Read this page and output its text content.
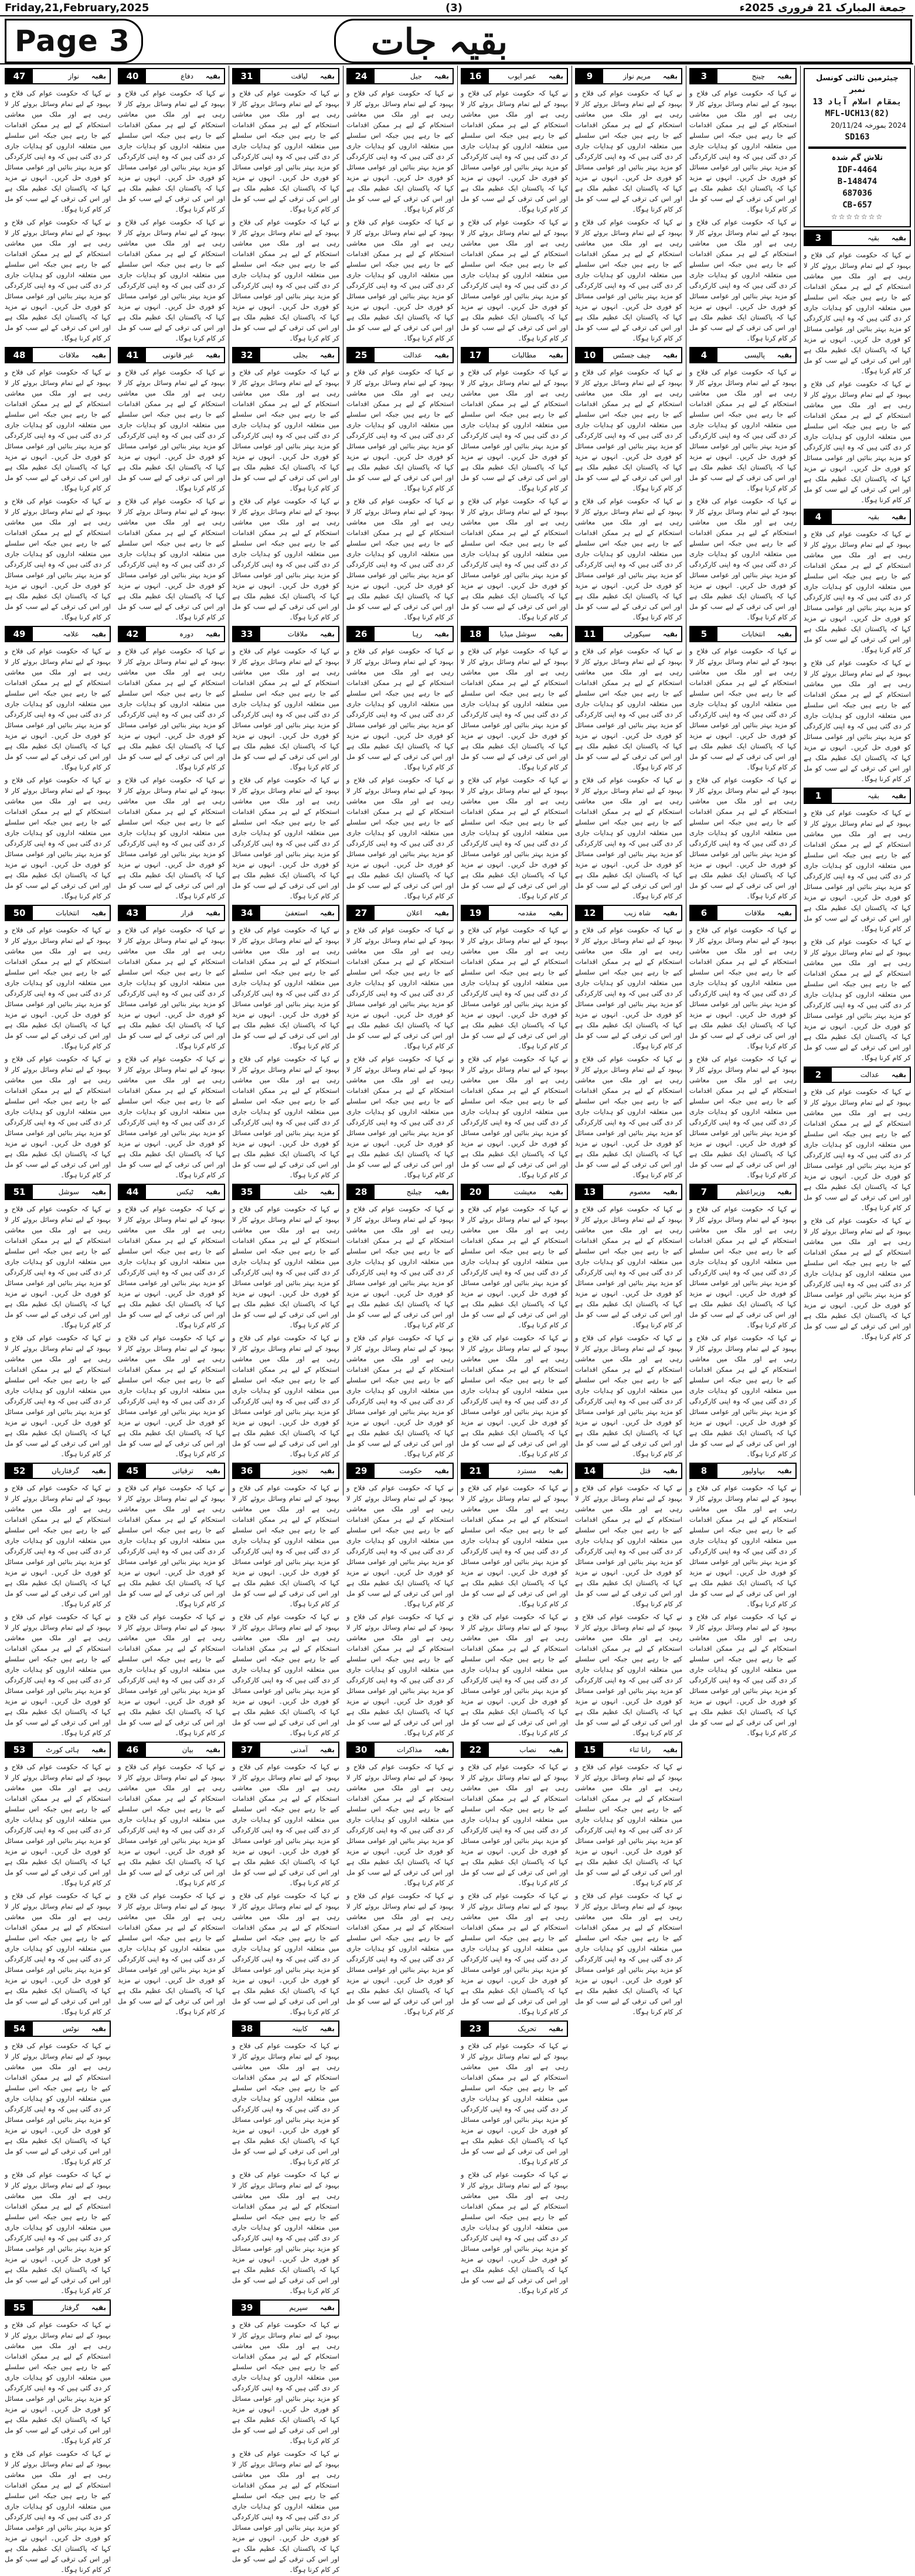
Friday,21,February,2025	(3)	جمعة المبارک 21 فروری 2025ء
Page 3	بقیہ جات
چیئرمین ثالثی کونسل نمبر
13 بمقام اسلام آباد
MFL-UCH13(82)
2024 بمورخہ 20/11/24
SD163
تلاش گم شدہ
IDF-4464
B-148474
687036
CB-657
☆☆☆☆☆☆☆
3	بقیہ بقیہ
نے کہا کہ حکومت عوام کی فلاح و بہبود کے لیے تمام وسائل بروئے کار لا رہی ہے اور ملک میں معاشی استحکام کے لیے ہر ممکن اقدامات کیے جا رہے ہیں جبکہ اس سلسلے میں متعلقہ اداروں کو ہدایات جاری کر دی گئی ہیں کہ وہ اپنی کارکردگی کو مزید بہتر بنائیں اور عوامی مسائل کو فوری حل کریں۔ انہوں نے مزید کہا کہ پاکستان ایک عظیم ملک ہے اور اس کی ترقی کے لیے سب کو مل کر کام کرنا ہوگا۔
نے کہا کہ حکومت عوام کی فلاح و بہبود کے لیے تمام وسائل بروئے کار لا رہی ہے اور ملک میں معاشی استحکام کے لیے ہر ممکن اقدامات کیے جا رہے ہیں جبکہ اس سلسلے میں متعلقہ اداروں کو ہدایات جاری کر دی گئی ہیں کہ وہ اپنی کارکردگی کو مزید بہتر بنائیں اور عوامی مسائل کو فوری حل کریں۔ انہوں نے مزید کہا کہ پاکستان ایک عظیم ملک ہے اور اس کی ترقی کے لیے سب کو مل کر کام کرنا ہوگا۔
4	بقیہ بقیہ
نے کہا کہ حکومت عوام کی فلاح و بہبود کے لیے تمام وسائل بروئے کار لا رہی ہے اور ملک میں معاشی استحکام کے لیے ہر ممکن اقدامات کیے جا رہے ہیں جبکہ اس سلسلے میں متعلقہ اداروں کو ہدایات جاری کر دی گئی ہیں کہ وہ اپنی کارکردگی کو مزید بہتر بنائیں اور عوامی مسائل کو فوری حل کریں۔ انہوں نے مزید کہا کہ پاکستان ایک عظیم ملک ہے اور اس کی ترقی کے لیے سب کو مل کر کام کرنا ہوگا۔
نے کہا کہ حکومت عوام کی فلاح و بہبود کے لیے تمام وسائل بروئے کار لا رہی ہے اور ملک میں معاشی استحکام کے لیے ہر ممکن اقدامات کیے جا رہے ہیں جبکہ اس سلسلے میں متعلقہ اداروں کو ہدایات جاری کر دی گئی ہیں کہ وہ اپنی کارکردگی کو مزید بہتر بنائیں اور عوامی مسائل کو فوری حل کریں۔ انہوں نے مزید کہا کہ پاکستان ایک عظیم ملک ہے اور اس کی ترقی کے لیے سب کو مل کر کام کرنا ہوگا۔
1	بقیہ بقیہ
نے کہا کہ حکومت عوام کی فلاح و بہبود کے لیے تمام وسائل بروئے کار لا رہی ہے اور ملک میں معاشی استحکام کے لیے ہر ممکن اقدامات کیے جا رہے ہیں جبکہ اس سلسلے میں متعلقہ اداروں کو ہدایات جاری کر دی گئی ہیں کہ وہ اپنی کارکردگی کو مزید بہتر بنائیں اور عوامی مسائل کو فوری حل کریں۔ انہوں نے مزید کہا کہ پاکستان ایک عظیم ملک ہے اور اس کی ترقی کے لیے سب کو مل کر کام کرنا ہوگا۔
نے کہا کہ حکومت عوام کی فلاح و بہبود کے لیے تمام وسائل بروئے کار لا رہی ہے اور ملک میں معاشی استحکام کے لیے ہر ممکن اقدامات کیے جا رہے ہیں جبکہ اس سلسلے میں متعلقہ اداروں کو ہدایات جاری کر دی گئی ہیں کہ وہ اپنی کارکردگی کو مزید بہتر بنائیں اور عوامی مسائل کو فوری حل کریں۔ انہوں نے مزید کہا کہ پاکستان ایک عظیم ملک ہے اور اس کی ترقی کے لیے سب کو مل کر کام کرنا ہوگا۔
2	عدالت بقیہ
نے کہا کہ حکومت عوام کی فلاح و بہبود کے لیے تمام وسائل بروئے کار لا رہی ہے اور ملک میں معاشی استحکام کے لیے ہر ممکن اقدامات کیے جا رہے ہیں جبکہ اس سلسلے میں متعلقہ اداروں کو ہدایات جاری کر دی گئی ہیں کہ وہ اپنی کارکردگی کو مزید بہتر بنائیں اور عوامی مسائل کو فوری حل کریں۔ انہوں نے مزید کہا کہ پاکستان ایک عظیم ملک ہے اور اس کی ترقی کے لیے سب کو مل کر کام کرنا ہوگا۔
نے کہا کہ حکومت عوام کی فلاح و بہبود کے لیے تمام وسائل بروئے کار لا رہی ہے اور ملک میں معاشی استحکام کے لیے ہر ممکن اقدامات کیے جا رہے ہیں جبکہ اس سلسلے میں متعلقہ اداروں کو ہدایات جاری کر دی گئی ہیں کہ وہ اپنی کارکردگی کو مزید بہتر بنائیں اور عوامی مسائل کو فوری حل کریں۔ انہوں نے مزید کہا کہ پاکستان ایک عظیم ملک ہے اور اس کی ترقی کے لیے سب کو مل کر کام کرنا ہوگا۔
3	چینج بقیہ
نے کہا کہ حکومت عوام کی فلاح و بہبود کے لیے تمام وسائل بروئے کار لا رہی ہے اور ملک میں معاشی استحکام کے لیے ہر ممکن اقدامات کیے جا رہے ہیں جبکہ اس سلسلے میں متعلقہ اداروں کو ہدایات جاری کر دی گئی ہیں کہ وہ اپنی کارکردگی کو مزید بہتر بنائیں اور عوامی مسائل کو فوری حل کریں۔ انہوں نے مزید کہا کہ پاکستان ایک عظیم ملک ہے اور اس کی ترقی کے لیے سب کو مل کر کام کرنا ہوگا۔
نے کہا کہ حکومت عوام کی فلاح و بہبود کے لیے تمام وسائل بروئے کار لا رہی ہے اور ملک میں معاشی استحکام کے لیے ہر ممکن اقدامات کیے جا رہے ہیں جبکہ اس سلسلے میں متعلقہ اداروں کو ہدایات جاری کر دی گئی ہیں کہ وہ اپنی کارکردگی کو مزید بہتر بنائیں اور عوامی مسائل کو فوری حل کریں۔ انہوں نے مزید کہا کہ پاکستان ایک عظیم ملک ہے اور اس کی ترقی کے لیے سب کو مل کر کام کرنا ہوگا۔
4	پالیسی بقیہ
نے کہا کہ حکومت عوام کی فلاح و بہبود کے لیے تمام وسائل بروئے کار لا رہی ہے اور ملک میں معاشی استحکام کے لیے ہر ممکن اقدامات کیے جا رہے ہیں جبکہ اس سلسلے میں متعلقہ اداروں کو ہدایات جاری کر دی گئی ہیں کہ وہ اپنی کارکردگی کو مزید بہتر بنائیں اور عوامی مسائل کو فوری حل کریں۔ انہوں نے مزید کہا کہ پاکستان ایک عظیم ملک ہے اور اس کی ترقی کے لیے سب کو مل کر کام کرنا ہوگا۔
نے کہا کہ حکومت عوام کی فلاح و بہبود کے لیے تمام وسائل بروئے کار لا رہی ہے اور ملک میں معاشی استحکام کے لیے ہر ممکن اقدامات کیے جا رہے ہیں جبکہ اس سلسلے میں متعلقہ اداروں کو ہدایات جاری کر دی گئی ہیں کہ وہ اپنی کارکردگی کو مزید بہتر بنائیں اور عوامی مسائل کو فوری حل کریں۔ انہوں نے مزید کہا کہ پاکستان ایک عظیم ملک ہے اور اس کی ترقی کے لیے سب کو مل کر کام کرنا ہوگا۔
5	انتخابات بقیہ
نے کہا کہ حکومت عوام کی فلاح و بہبود کے لیے تمام وسائل بروئے کار لا رہی ہے اور ملک میں معاشی استحکام کے لیے ہر ممکن اقدامات کیے جا رہے ہیں جبکہ اس سلسلے میں متعلقہ اداروں کو ہدایات جاری کر دی گئی ہیں کہ وہ اپنی کارکردگی کو مزید بہتر بنائیں اور عوامی مسائل کو فوری حل کریں۔ انہوں نے مزید کہا کہ پاکستان ایک عظیم ملک ہے اور اس کی ترقی کے لیے سب کو مل کر کام کرنا ہوگا۔
نے کہا کہ حکومت عوام کی فلاح و بہبود کے لیے تمام وسائل بروئے کار لا رہی ہے اور ملک میں معاشی استحکام کے لیے ہر ممکن اقدامات کیے جا رہے ہیں جبکہ اس سلسلے میں متعلقہ اداروں کو ہدایات جاری کر دی گئی ہیں کہ وہ اپنی کارکردگی کو مزید بہتر بنائیں اور عوامی مسائل کو فوری حل کریں۔ انہوں نے مزید کہا کہ پاکستان ایک عظیم ملک ہے اور اس کی ترقی کے لیے سب کو مل کر کام کرنا ہوگا۔
6	ملاقات بقیہ
نے کہا کہ حکومت عوام کی فلاح و بہبود کے لیے تمام وسائل بروئے کار لا رہی ہے اور ملک میں معاشی استحکام کے لیے ہر ممکن اقدامات کیے جا رہے ہیں جبکہ اس سلسلے میں متعلقہ اداروں کو ہدایات جاری کر دی گئی ہیں کہ وہ اپنی کارکردگی کو مزید بہتر بنائیں اور عوامی مسائل کو فوری حل کریں۔ انہوں نے مزید کہا کہ پاکستان ایک عظیم ملک ہے اور اس کی ترقی کے لیے سب کو مل کر کام کرنا ہوگا۔
نے کہا کہ حکومت عوام کی فلاح و بہبود کے لیے تمام وسائل بروئے کار لا رہی ہے اور ملک میں معاشی استحکام کے لیے ہر ممکن اقدامات کیے جا رہے ہیں جبکہ اس سلسلے میں متعلقہ اداروں کو ہدایات جاری کر دی گئی ہیں کہ وہ اپنی کارکردگی کو مزید بہتر بنائیں اور عوامی مسائل کو فوری حل کریں۔ انہوں نے مزید کہا کہ پاکستان ایک عظیم ملک ہے اور اس کی ترقی کے لیے سب کو مل کر کام کرنا ہوگا۔
7	وزیراعظم بقیہ
نے کہا کہ حکومت عوام کی فلاح و بہبود کے لیے تمام وسائل بروئے کار لا رہی ہے اور ملک میں معاشی استحکام کے لیے ہر ممکن اقدامات کیے جا رہے ہیں جبکہ اس سلسلے میں متعلقہ اداروں کو ہدایات جاری کر دی گئی ہیں کہ وہ اپنی کارکردگی کو مزید بہتر بنائیں اور عوامی مسائل کو فوری حل کریں۔ انہوں نے مزید کہا کہ پاکستان ایک عظیم ملک ہے اور اس کی ترقی کے لیے سب کو مل کر کام کرنا ہوگا۔
نے کہا کہ حکومت عوام کی فلاح و بہبود کے لیے تمام وسائل بروئے کار لا رہی ہے اور ملک میں معاشی استحکام کے لیے ہر ممکن اقدامات کیے جا رہے ہیں جبکہ اس سلسلے میں متعلقہ اداروں کو ہدایات جاری کر دی گئی ہیں کہ وہ اپنی کارکردگی کو مزید بہتر بنائیں اور عوامی مسائل کو فوری حل کریں۔ انہوں نے مزید کہا کہ پاکستان ایک عظیم ملک ہے اور اس کی ترقی کے لیے سب کو مل کر کام کرنا ہوگا۔
8	بہاولپور بقیہ
نے کہا کہ حکومت عوام کی فلاح و بہبود کے لیے تمام وسائل بروئے کار لا رہی ہے اور ملک میں معاشی استحکام کے لیے ہر ممکن اقدامات کیے جا رہے ہیں جبکہ اس سلسلے میں متعلقہ اداروں کو ہدایات جاری کر دی گئی ہیں کہ وہ اپنی کارکردگی کو مزید بہتر بنائیں اور عوامی مسائل کو فوری حل کریں۔ انہوں نے مزید کہا کہ پاکستان ایک عظیم ملک ہے اور اس کی ترقی کے لیے سب کو مل کر کام کرنا ہوگا۔
نے کہا کہ حکومت عوام کی فلاح و بہبود کے لیے تمام وسائل بروئے کار لا رہی ہے اور ملک میں معاشی استحکام کے لیے ہر ممکن اقدامات کیے جا رہے ہیں جبکہ اس سلسلے میں متعلقہ اداروں کو ہدایات جاری کر دی گئی ہیں کہ وہ اپنی کارکردگی کو مزید بہتر بنائیں اور عوامی مسائل کو فوری حل کریں۔ انہوں نے مزید کہا کہ پاکستان ایک عظیم ملک ہے اور اس کی ترقی کے لیے سب کو مل کر کام کرنا ہوگا۔
9	مریم نواز بقیہ
نے کہا کہ حکومت عوام کی فلاح و بہبود کے لیے تمام وسائل بروئے کار لا رہی ہے اور ملک میں معاشی استحکام کے لیے ہر ممکن اقدامات کیے جا رہے ہیں جبکہ اس سلسلے میں متعلقہ اداروں کو ہدایات جاری کر دی گئی ہیں کہ وہ اپنی کارکردگی کو مزید بہتر بنائیں اور عوامی مسائل کو فوری حل کریں۔ انہوں نے مزید کہا کہ پاکستان ایک عظیم ملک ہے اور اس کی ترقی کے لیے سب کو مل کر کام کرنا ہوگا۔
نے کہا کہ حکومت عوام کی فلاح و بہبود کے لیے تمام وسائل بروئے کار لا رہی ہے اور ملک میں معاشی استحکام کے لیے ہر ممکن اقدامات کیے جا رہے ہیں جبکہ اس سلسلے میں متعلقہ اداروں کو ہدایات جاری کر دی گئی ہیں کہ وہ اپنی کارکردگی کو مزید بہتر بنائیں اور عوامی مسائل کو فوری حل کریں۔ انہوں نے مزید کہا کہ پاکستان ایک عظیم ملک ہے اور اس کی ترقی کے لیے سب کو مل کر کام کرنا ہوگا۔
10	چیف جسٹس بقیہ
نے کہا کہ حکومت عوام کی فلاح و بہبود کے لیے تمام وسائل بروئے کار لا رہی ہے اور ملک میں معاشی استحکام کے لیے ہر ممکن اقدامات کیے جا رہے ہیں جبکہ اس سلسلے میں متعلقہ اداروں کو ہدایات جاری کر دی گئی ہیں کہ وہ اپنی کارکردگی کو مزید بہتر بنائیں اور عوامی مسائل کو فوری حل کریں۔ انہوں نے مزید کہا کہ پاکستان ایک عظیم ملک ہے اور اس کی ترقی کے لیے سب کو مل کر کام کرنا ہوگا۔
نے کہا کہ حکومت عوام کی فلاح و بہبود کے لیے تمام وسائل بروئے کار لا رہی ہے اور ملک میں معاشی استحکام کے لیے ہر ممکن اقدامات کیے جا رہے ہیں جبکہ اس سلسلے میں متعلقہ اداروں کو ہدایات جاری کر دی گئی ہیں کہ وہ اپنی کارکردگی کو مزید بہتر بنائیں اور عوامی مسائل کو فوری حل کریں۔ انہوں نے مزید کہا کہ پاکستان ایک عظیم ملک ہے اور اس کی ترقی کے لیے سب کو مل کر کام کرنا ہوگا۔
11	سیکورٹی بقیہ
نے کہا کہ حکومت عوام کی فلاح و بہبود کے لیے تمام وسائل بروئے کار لا رہی ہے اور ملک میں معاشی استحکام کے لیے ہر ممکن اقدامات کیے جا رہے ہیں جبکہ اس سلسلے میں متعلقہ اداروں کو ہدایات جاری کر دی گئی ہیں کہ وہ اپنی کارکردگی کو مزید بہتر بنائیں اور عوامی مسائل کو فوری حل کریں۔ انہوں نے مزید کہا کہ پاکستان ایک عظیم ملک ہے اور اس کی ترقی کے لیے سب کو مل کر کام کرنا ہوگا۔
نے کہا کہ حکومت عوام کی فلاح و بہبود کے لیے تمام وسائل بروئے کار لا رہی ہے اور ملک میں معاشی استحکام کے لیے ہر ممکن اقدامات کیے جا رہے ہیں جبکہ اس سلسلے میں متعلقہ اداروں کو ہدایات جاری کر دی گئی ہیں کہ وہ اپنی کارکردگی کو مزید بہتر بنائیں اور عوامی مسائل کو فوری حل کریں۔ انہوں نے مزید کہا کہ پاکستان ایک عظیم ملک ہے اور اس کی ترقی کے لیے سب کو مل کر کام کرنا ہوگا۔
12	شاہ زیب بقیہ
نے کہا کہ حکومت عوام کی فلاح و بہبود کے لیے تمام وسائل بروئے کار لا رہی ہے اور ملک میں معاشی استحکام کے لیے ہر ممکن اقدامات کیے جا رہے ہیں جبکہ اس سلسلے میں متعلقہ اداروں کو ہدایات جاری کر دی گئی ہیں کہ وہ اپنی کارکردگی کو مزید بہتر بنائیں اور عوامی مسائل کو فوری حل کریں۔ انہوں نے مزید کہا کہ پاکستان ایک عظیم ملک ہے اور اس کی ترقی کے لیے سب کو مل کر کام کرنا ہوگا۔
نے کہا کہ حکومت عوام کی فلاح و بہبود کے لیے تمام وسائل بروئے کار لا رہی ہے اور ملک میں معاشی استحکام کے لیے ہر ممکن اقدامات کیے جا رہے ہیں جبکہ اس سلسلے میں متعلقہ اداروں کو ہدایات جاری کر دی گئی ہیں کہ وہ اپنی کارکردگی کو مزید بہتر بنائیں اور عوامی مسائل کو فوری حل کریں۔ انہوں نے مزید کہا کہ پاکستان ایک عظیم ملک ہے اور اس کی ترقی کے لیے سب کو مل کر کام کرنا ہوگا۔
13	معصوم بقیہ
نے کہا کہ حکومت عوام کی فلاح و بہبود کے لیے تمام وسائل بروئے کار لا رہی ہے اور ملک میں معاشی استحکام کے لیے ہر ممکن اقدامات کیے جا رہے ہیں جبکہ اس سلسلے میں متعلقہ اداروں کو ہدایات جاری کر دی گئی ہیں کہ وہ اپنی کارکردگی کو مزید بہتر بنائیں اور عوامی مسائل کو فوری حل کریں۔ انہوں نے مزید کہا کہ پاکستان ایک عظیم ملک ہے اور اس کی ترقی کے لیے سب کو مل کر کام کرنا ہوگا۔
نے کہا کہ حکومت عوام کی فلاح و بہبود کے لیے تمام وسائل بروئے کار لا رہی ہے اور ملک میں معاشی استحکام کے لیے ہر ممکن اقدامات کیے جا رہے ہیں جبکہ اس سلسلے میں متعلقہ اداروں کو ہدایات جاری کر دی گئی ہیں کہ وہ اپنی کارکردگی کو مزید بہتر بنائیں اور عوامی مسائل کو فوری حل کریں۔ انہوں نے مزید کہا کہ پاکستان ایک عظیم ملک ہے اور اس کی ترقی کے لیے سب کو مل کر کام کرنا ہوگا۔
14	قتل بقیہ
نے کہا کہ حکومت عوام کی فلاح و بہبود کے لیے تمام وسائل بروئے کار لا رہی ہے اور ملک میں معاشی استحکام کے لیے ہر ممکن اقدامات کیے جا رہے ہیں جبکہ اس سلسلے میں متعلقہ اداروں کو ہدایات جاری کر دی گئی ہیں کہ وہ اپنی کارکردگی کو مزید بہتر بنائیں اور عوامی مسائل کو فوری حل کریں۔ انہوں نے مزید کہا کہ پاکستان ایک عظیم ملک ہے اور اس کی ترقی کے لیے سب کو مل کر کام کرنا ہوگا۔
نے کہا کہ حکومت عوام کی فلاح و بہبود کے لیے تمام وسائل بروئے کار لا رہی ہے اور ملک میں معاشی استحکام کے لیے ہر ممکن اقدامات کیے جا رہے ہیں جبکہ اس سلسلے میں متعلقہ اداروں کو ہدایات جاری کر دی گئی ہیں کہ وہ اپنی کارکردگی کو مزید بہتر بنائیں اور عوامی مسائل کو فوری حل کریں۔ انہوں نے مزید کہا کہ پاکستان ایک عظیم ملک ہے اور اس کی ترقی کے لیے سب کو مل کر کام کرنا ہوگا۔
15	رانا ثناء بقیہ
نے کہا کہ حکومت عوام کی فلاح و بہبود کے لیے تمام وسائل بروئے کار لا رہی ہے اور ملک میں معاشی استحکام کے لیے ہر ممکن اقدامات کیے جا رہے ہیں جبکہ اس سلسلے میں متعلقہ اداروں کو ہدایات جاری کر دی گئی ہیں کہ وہ اپنی کارکردگی کو مزید بہتر بنائیں اور عوامی مسائل کو فوری حل کریں۔ انہوں نے مزید کہا کہ پاکستان ایک عظیم ملک ہے اور اس کی ترقی کے لیے سب کو مل کر کام کرنا ہوگا۔
نے کہا کہ حکومت عوام کی فلاح و بہبود کے لیے تمام وسائل بروئے کار لا رہی ہے اور ملک میں معاشی استحکام کے لیے ہر ممکن اقدامات کیے جا رہے ہیں جبکہ اس سلسلے میں متعلقہ اداروں کو ہدایات جاری کر دی گئی ہیں کہ وہ اپنی کارکردگی کو مزید بہتر بنائیں اور عوامی مسائل کو فوری حل کریں۔ انہوں نے مزید کہا کہ پاکستان ایک عظیم ملک ہے اور اس کی ترقی کے لیے سب کو مل کر کام کرنا ہوگا۔
16	عمر ایوب بقیہ
نے کہا کہ حکومت عوام کی فلاح و بہبود کے لیے تمام وسائل بروئے کار لا رہی ہے اور ملک میں معاشی استحکام کے لیے ہر ممکن اقدامات کیے جا رہے ہیں جبکہ اس سلسلے میں متعلقہ اداروں کو ہدایات جاری کر دی گئی ہیں کہ وہ اپنی کارکردگی کو مزید بہتر بنائیں اور عوامی مسائل کو فوری حل کریں۔ انہوں نے مزید کہا کہ پاکستان ایک عظیم ملک ہے اور اس کی ترقی کے لیے سب کو مل کر کام کرنا ہوگا۔
نے کہا کہ حکومت عوام کی فلاح و بہبود کے لیے تمام وسائل بروئے کار لا رہی ہے اور ملک میں معاشی استحکام کے لیے ہر ممکن اقدامات کیے جا رہے ہیں جبکہ اس سلسلے میں متعلقہ اداروں کو ہدایات جاری کر دی گئی ہیں کہ وہ اپنی کارکردگی کو مزید بہتر بنائیں اور عوامی مسائل کو فوری حل کریں۔ انہوں نے مزید کہا کہ پاکستان ایک عظیم ملک ہے اور اس کی ترقی کے لیے سب کو مل کر کام کرنا ہوگا۔
17	مطالبات بقیہ
نے کہا کہ حکومت عوام کی فلاح و بہبود کے لیے تمام وسائل بروئے کار لا رہی ہے اور ملک میں معاشی استحکام کے لیے ہر ممکن اقدامات کیے جا رہے ہیں جبکہ اس سلسلے میں متعلقہ اداروں کو ہدایات جاری کر دی گئی ہیں کہ وہ اپنی کارکردگی کو مزید بہتر بنائیں اور عوامی مسائل کو فوری حل کریں۔ انہوں نے مزید کہا کہ پاکستان ایک عظیم ملک ہے اور اس کی ترقی کے لیے سب کو مل کر کام کرنا ہوگا۔
نے کہا کہ حکومت عوام کی فلاح و بہبود کے لیے تمام وسائل بروئے کار لا رہی ہے اور ملک میں معاشی استحکام کے لیے ہر ممکن اقدامات کیے جا رہے ہیں جبکہ اس سلسلے میں متعلقہ اداروں کو ہدایات جاری کر دی گئی ہیں کہ وہ اپنی کارکردگی کو مزید بہتر بنائیں اور عوامی مسائل کو فوری حل کریں۔ انہوں نے مزید کہا کہ پاکستان ایک عظیم ملک ہے اور اس کی ترقی کے لیے سب کو مل کر کام کرنا ہوگا۔
18	سوشل میڈیا بقیہ
نے کہا کہ حکومت عوام کی فلاح و بہبود کے لیے تمام وسائل بروئے کار لا رہی ہے اور ملک میں معاشی استحکام کے لیے ہر ممکن اقدامات کیے جا رہے ہیں جبکہ اس سلسلے میں متعلقہ اداروں کو ہدایات جاری کر دی گئی ہیں کہ وہ اپنی کارکردگی کو مزید بہتر بنائیں اور عوامی مسائل کو فوری حل کریں۔ انہوں نے مزید کہا کہ پاکستان ایک عظیم ملک ہے اور اس کی ترقی کے لیے سب کو مل کر کام کرنا ہوگا۔
نے کہا کہ حکومت عوام کی فلاح و بہبود کے لیے تمام وسائل بروئے کار لا رہی ہے اور ملک میں معاشی استحکام کے لیے ہر ممکن اقدامات کیے جا رہے ہیں جبکہ اس سلسلے میں متعلقہ اداروں کو ہدایات جاری کر دی گئی ہیں کہ وہ اپنی کارکردگی کو مزید بہتر بنائیں اور عوامی مسائل کو فوری حل کریں۔ انہوں نے مزید کہا کہ پاکستان ایک عظیم ملک ہے اور اس کی ترقی کے لیے سب کو مل کر کام کرنا ہوگا۔
19	مقدمہ بقیہ
نے کہا کہ حکومت عوام کی فلاح و بہبود کے لیے تمام وسائل بروئے کار لا رہی ہے اور ملک میں معاشی استحکام کے لیے ہر ممکن اقدامات کیے جا رہے ہیں جبکہ اس سلسلے میں متعلقہ اداروں کو ہدایات جاری کر دی گئی ہیں کہ وہ اپنی کارکردگی کو مزید بہتر بنائیں اور عوامی مسائل کو فوری حل کریں۔ انہوں نے مزید کہا کہ پاکستان ایک عظیم ملک ہے اور اس کی ترقی کے لیے سب کو مل کر کام کرنا ہوگا۔
نے کہا کہ حکومت عوام کی فلاح و بہبود کے لیے تمام وسائل بروئے کار لا رہی ہے اور ملک میں معاشی استحکام کے لیے ہر ممکن اقدامات کیے جا رہے ہیں جبکہ اس سلسلے میں متعلقہ اداروں کو ہدایات جاری کر دی گئی ہیں کہ وہ اپنی کارکردگی کو مزید بہتر بنائیں اور عوامی مسائل کو فوری حل کریں۔ انہوں نے مزید کہا کہ پاکستان ایک عظیم ملک ہے اور اس کی ترقی کے لیے سب کو مل کر کام کرنا ہوگا۔
20	معیشت بقیہ
نے کہا کہ حکومت عوام کی فلاح و بہبود کے لیے تمام وسائل بروئے کار لا رہی ہے اور ملک میں معاشی استحکام کے لیے ہر ممکن اقدامات کیے جا رہے ہیں جبکہ اس سلسلے میں متعلقہ اداروں کو ہدایات جاری کر دی گئی ہیں کہ وہ اپنی کارکردگی کو مزید بہتر بنائیں اور عوامی مسائل کو فوری حل کریں۔ انہوں نے مزید کہا کہ پاکستان ایک عظیم ملک ہے اور اس کی ترقی کے لیے سب کو مل کر کام کرنا ہوگا۔
نے کہا کہ حکومت عوام کی فلاح و بہبود کے لیے تمام وسائل بروئے کار لا رہی ہے اور ملک میں معاشی استحکام کے لیے ہر ممکن اقدامات کیے جا رہے ہیں جبکہ اس سلسلے میں متعلقہ اداروں کو ہدایات جاری کر دی گئی ہیں کہ وہ اپنی کارکردگی کو مزید بہتر بنائیں اور عوامی مسائل کو فوری حل کریں۔ انہوں نے مزید کہا کہ پاکستان ایک عظیم ملک ہے اور اس کی ترقی کے لیے سب کو مل کر کام کرنا ہوگا۔
21	مسترد بقیہ
نے کہا کہ حکومت عوام کی فلاح و بہبود کے لیے تمام وسائل بروئے کار لا رہی ہے اور ملک میں معاشی استحکام کے لیے ہر ممکن اقدامات کیے جا رہے ہیں جبکہ اس سلسلے میں متعلقہ اداروں کو ہدایات جاری کر دی گئی ہیں کہ وہ اپنی کارکردگی کو مزید بہتر بنائیں اور عوامی مسائل کو فوری حل کریں۔ انہوں نے مزید کہا کہ پاکستان ایک عظیم ملک ہے اور اس کی ترقی کے لیے سب کو مل کر کام کرنا ہوگا۔
نے کہا کہ حکومت عوام کی فلاح و بہبود کے لیے تمام وسائل بروئے کار لا رہی ہے اور ملک میں معاشی استحکام کے لیے ہر ممکن اقدامات کیے جا رہے ہیں جبکہ اس سلسلے میں متعلقہ اداروں کو ہدایات جاری کر دی گئی ہیں کہ وہ اپنی کارکردگی کو مزید بہتر بنائیں اور عوامی مسائل کو فوری حل کریں۔ انہوں نے مزید کہا کہ پاکستان ایک عظیم ملک ہے اور اس کی ترقی کے لیے سب کو مل کر کام کرنا ہوگا۔
22	نصاب بقیہ
نے کہا کہ حکومت عوام کی فلاح و بہبود کے لیے تمام وسائل بروئے کار لا رہی ہے اور ملک میں معاشی استحکام کے لیے ہر ممکن اقدامات کیے جا رہے ہیں جبکہ اس سلسلے میں متعلقہ اداروں کو ہدایات جاری کر دی گئی ہیں کہ وہ اپنی کارکردگی کو مزید بہتر بنائیں اور عوامی مسائل کو فوری حل کریں۔ انہوں نے مزید کہا کہ پاکستان ایک عظیم ملک ہے اور اس کی ترقی کے لیے سب کو مل کر کام کرنا ہوگا۔
نے کہا کہ حکومت عوام کی فلاح و بہبود کے لیے تمام وسائل بروئے کار لا رہی ہے اور ملک میں معاشی استحکام کے لیے ہر ممکن اقدامات کیے جا رہے ہیں جبکہ اس سلسلے میں متعلقہ اداروں کو ہدایات جاری کر دی گئی ہیں کہ وہ اپنی کارکردگی کو مزید بہتر بنائیں اور عوامی مسائل کو فوری حل کریں۔ انہوں نے مزید کہا کہ پاکستان ایک عظیم ملک ہے اور اس کی ترقی کے لیے سب کو مل کر کام کرنا ہوگا۔
23	تحریک بقیہ
نے کہا کہ حکومت عوام کی فلاح و بہبود کے لیے تمام وسائل بروئے کار لا رہی ہے اور ملک میں معاشی استحکام کے لیے ہر ممکن اقدامات کیے جا رہے ہیں جبکہ اس سلسلے میں متعلقہ اداروں کو ہدایات جاری کر دی گئی ہیں کہ وہ اپنی کارکردگی کو مزید بہتر بنائیں اور عوامی مسائل کو فوری حل کریں۔ انہوں نے مزید کہا کہ پاکستان ایک عظیم ملک ہے اور اس کی ترقی کے لیے سب کو مل کر کام کرنا ہوگا۔
نے کہا کہ حکومت عوام کی فلاح و بہبود کے لیے تمام وسائل بروئے کار لا رہی ہے اور ملک میں معاشی استحکام کے لیے ہر ممکن اقدامات کیے جا رہے ہیں جبکہ اس سلسلے میں متعلقہ اداروں کو ہدایات جاری کر دی گئی ہیں کہ وہ اپنی کارکردگی کو مزید بہتر بنائیں اور عوامی مسائل کو فوری حل کریں۔ انہوں نے مزید کہا کہ پاکستان ایک عظیم ملک ہے اور اس کی ترقی کے لیے سب کو مل کر کام کرنا ہوگا۔
24	جیل بقیہ
نے کہا کہ حکومت عوام کی فلاح و بہبود کے لیے تمام وسائل بروئے کار لا رہی ہے اور ملک میں معاشی استحکام کے لیے ہر ممکن اقدامات کیے جا رہے ہیں جبکہ اس سلسلے میں متعلقہ اداروں کو ہدایات جاری کر دی گئی ہیں کہ وہ اپنی کارکردگی کو مزید بہتر بنائیں اور عوامی مسائل کو فوری حل کریں۔ انہوں نے مزید کہا کہ پاکستان ایک عظیم ملک ہے اور اس کی ترقی کے لیے سب کو مل کر کام کرنا ہوگا۔
نے کہا کہ حکومت عوام کی فلاح و بہبود کے لیے تمام وسائل بروئے کار لا رہی ہے اور ملک میں معاشی استحکام کے لیے ہر ممکن اقدامات کیے جا رہے ہیں جبکہ اس سلسلے میں متعلقہ اداروں کو ہدایات جاری کر دی گئی ہیں کہ وہ اپنی کارکردگی کو مزید بہتر بنائیں اور عوامی مسائل کو فوری حل کریں۔ انہوں نے مزید کہا کہ پاکستان ایک عظیم ملک ہے اور اس کی ترقی کے لیے سب کو مل کر کام کرنا ہوگا۔
25	عدالت بقیہ
نے کہا کہ حکومت عوام کی فلاح و بہبود کے لیے تمام وسائل بروئے کار لا رہی ہے اور ملک میں معاشی استحکام کے لیے ہر ممکن اقدامات کیے جا رہے ہیں جبکہ اس سلسلے میں متعلقہ اداروں کو ہدایات جاری کر دی گئی ہیں کہ وہ اپنی کارکردگی کو مزید بہتر بنائیں اور عوامی مسائل کو فوری حل کریں۔ انہوں نے مزید کہا کہ پاکستان ایک عظیم ملک ہے اور اس کی ترقی کے لیے سب کو مل کر کام کرنا ہوگا۔
نے کہا کہ حکومت عوام کی فلاح و بہبود کے لیے تمام وسائل بروئے کار لا رہی ہے اور ملک میں معاشی استحکام کے لیے ہر ممکن اقدامات کیے جا رہے ہیں جبکہ اس سلسلے میں متعلقہ اداروں کو ہدایات جاری کر دی گئی ہیں کہ وہ اپنی کارکردگی کو مزید بہتر بنائیں اور عوامی مسائل کو فوری حل کریں۔ انہوں نے مزید کہا کہ پاکستان ایک عظیم ملک ہے اور اس کی ترقی کے لیے سب کو مل کر کام کرنا ہوگا۔
26	رہا بقیہ
نے کہا کہ حکومت عوام کی فلاح و بہبود کے لیے تمام وسائل بروئے کار لا رہی ہے اور ملک میں معاشی استحکام کے لیے ہر ممکن اقدامات کیے جا رہے ہیں جبکہ اس سلسلے میں متعلقہ اداروں کو ہدایات جاری کر دی گئی ہیں کہ وہ اپنی کارکردگی کو مزید بہتر بنائیں اور عوامی مسائل کو فوری حل کریں۔ انہوں نے مزید کہا کہ پاکستان ایک عظیم ملک ہے اور اس کی ترقی کے لیے سب کو مل کر کام کرنا ہوگا۔
نے کہا کہ حکومت عوام کی فلاح و بہبود کے لیے تمام وسائل بروئے کار لا رہی ہے اور ملک میں معاشی استحکام کے لیے ہر ممکن اقدامات کیے جا رہے ہیں جبکہ اس سلسلے میں متعلقہ اداروں کو ہدایات جاری کر دی گئی ہیں کہ وہ اپنی کارکردگی کو مزید بہتر بنائیں اور عوامی مسائل کو فوری حل کریں۔ انہوں نے مزید کہا کہ پاکستان ایک عظیم ملک ہے اور اس کی ترقی کے لیے سب کو مل کر کام کرنا ہوگا۔
27	اعلان بقیہ
نے کہا کہ حکومت عوام کی فلاح و بہبود کے لیے تمام وسائل بروئے کار لا رہی ہے اور ملک میں معاشی استحکام کے لیے ہر ممکن اقدامات کیے جا رہے ہیں جبکہ اس سلسلے میں متعلقہ اداروں کو ہدایات جاری کر دی گئی ہیں کہ وہ اپنی کارکردگی کو مزید بہتر بنائیں اور عوامی مسائل کو فوری حل کریں۔ انہوں نے مزید کہا کہ پاکستان ایک عظیم ملک ہے اور اس کی ترقی کے لیے سب کو مل کر کام کرنا ہوگا۔
نے کہا کہ حکومت عوام کی فلاح و بہبود کے لیے تمام وسائل بروئے کار لا رہی ہے اور ملک میں معاشی استحکام کے لیے ہر ممکن اقدامات کیے جا رہے ہیں جبکہ اس سلسلے میں متعلقہ اداروں کو ہدایات جاری کر دی گئی ہیں کہ وہ اپنی کارکردگی کو مزید بہتر بنائیں اور عوامی مسائل کو فوری حل کریں۔ انہوں نے مزید کہا کہ پاکستان ایک عظیم ملک ہے اور اس کی ترقی کے لیے سب کو مل کر کام کرنا ہوگا۔
28	چیلنج بقیہ
نے کہا کہ حکومت عوام کی فلاح و بہبود کے لیے تمام وسائل بروئے کار لا رہی ہے اور ملک میں معاشی استحکام کے لیے ہر ممکن اقدامات کیے جا رہے ہیں جبکہ اس سلسلے میں متعلقہ اداروں کو ہدایات جاری کر دی گئی ہیں کہ وہ اپنی کارکردگی کو مزید بہتر بنائیں اور عوامی مسائل کو فوری حل کریں۔ انہوں نے مزید کہا کہ پاکستان ایک عظیم ملک ہے اور اس کی ترقی کے لیے سب کو مل کر کام کرنا ہوگا۔
نے کہا کہ حکومت عوام کی فلاح و بہبود کے لیے تمام وسائل بروئے کار لا رہی ہے اور ملک میں معاشی استحکام کے لیے ہر ممکن اقدامات کیے جا رہے ہیں جبکہ اس سلسلے میں متعلقہ اداروں کو ہدایات جاری کر دی گئی ہیں کہ وہ اپنی کارکردگی کو مزید بہتر بنائیں اور عوامی مسائل کو فوری حل کریں۔ انہوں نے مزید کہا کہ پاکستان ایک عظیم ملک ہے اور اس کی ترقی کے لیے سب کو مل کر کام کرنا ہوگا۔
29	حکومت بقیہ
نے کہا کہ حکومت عوام کی فلاح و بہبود کے لیے تمام وسائل بروئے کار لا رہی ہے اور ملک میں معاشی استحکام کے لیے ہر ممکن اقدامات کیے جا رہے ہیں جبکہ اس سلسلے میں متعلقہ اداروں کو ہدایات جاری کر دی گئی ہیں کہ وہ اپنی کارکردگی کو مزید بہتر بنائیں اور عوامی مسائل کو فوری حل کریں۔ انہوں نے مزید کہا کہ پاکستان ایک عظیم ملک ہے اور اس کی ترقی کے لیے سب کو مل کر کام کرنا ہوگا۔
نے کہا کہ حکومت عوام کی فلاح و بہبود کے لیے تمام وسائل بروئے کار لا رہی ہے اور ملک میں معاشی استحکام کے لیے ہر ممکن اقدامات کیے جا رہے ہیں جبکہ اس سلسلے میں متعلقہ اداروں کو ہدایات جاری کر دی گئی ہیں کہ وہ اپنی کارکردگی کو مزید بہتر بنائیں اور عوامی مسائل کو فوری حل کریں۔ انہوں نے مزید کہا کہ پاکستان ایک عظیم ملک ہے اور اس کی ترقی کے لیے سب کو مل کر کام کرنا ہوگا۔
30	مذاکرات بقیہ
نے کہا کہ حکومت عوام کی فلاح و بہبود کے لیے تمام وسائل بروئے کار لا رہی ہے اور ملک میں معاشی استحکام کے لیے ہر ممکن اقدامات کیے جا رہے ہیں جبکہ اس سلسلے میں متعلقہ اداروں کو ہدایات جاری کر دی گئی ہیں کہ وہ اپنی کارکردگی کو مزید بہتر بنائیں اور عوامی مسائل کو فوری حل کریں۔ انہوں نے مزید کہا کہ پاکستان ایک عظیم ملک ہے اور اس کی ترقی کے لیے سب کو مل کر کام کرنا ہوگا۔
نے کہا کہ حکومت عوام کی فلاح و بہبود کے لیے تمام وسائل بروئے کار لا رہی ہے اور ملک میں معاشی استحکام کے لیے ہر ممکن اقدامات کیے جا رہے ہیں جبکہ اس سلسلے میں متعلقہ اداروں کو ہدایات جاری کر دی گئی ہیں کہ وہ اپنی کارکردگی کو مزید بہتر بنائیں اور عوامی مسائل کو فوری حل کریں۔ انہوں نے مزید کہا کہ پاکستان ایک عظیم ملک ہے اور اس کی ترقی کے لیے سب کو مل کر کام کرنا ہوگا۔
31	لیاقت بقیہ
نے کہا کہ حکومت عوام کی فلاح و بہبود کے لیے تمام وسائل بروئے کار لا رہی ہے اور ملک میں معاشی استحکام کے لیے ہر ممکن اقدامات کیے جا رہے ہیں جبکہ اس سلسلے میں متعلقہ اداروں کو ہدایات جاری کر دی گئی ہیں کہ وہ اپنی کارکردگی کو مزید بہتر بنائیں اور عوامی مسائل کو فوری حل کریں۔ انہوں نے مزید کہا کہ پاکستان ایک عظیم ملک ہے اور اس کی ترقی کے لیے سب کو مل کر کام کرنا ہوگا۔
نے کہا کہ حکومت عوام کی فلاح و بہبود کے لیے تمام وسائل بروئے کار لا رہی ہے اور ملک میں معاشی استحکام کے لیے ہر ممکن اقدامات کیے جا رہے ہیں جبکہ اس سلسلے میں متعلقہ اداروں کو ہدایات جاری کر دی گئی ہیں کہ وہ اپنی کارکردگی کو مزید بہتر بنائیں اور عوامی مسائل کو فوری حل کریں۔ انہوں نے مزید کہا کہ پاکستان ایک عظیم ملک ہے اور اس کی ترقی کے لیے سب کو مل کر کام کرنا ہوگا۔
32	بجلی بقیہ
نے کہا کہ حکومت عوام کی فلاح و بہبود کے لیے تمام وسائل بروئے کار لا رہی ہے اور ملک میں معاشی استحکام کے لیے ہر ممکن اقدامات کیے جا رہے ہیں جبکہ اس سلسلے میں متعلقہ اداروں کو ہدایات جاری کر دی گئی ہیں کہ وہ اپنی کارکردگی کو مزید بہتر بنائیں اور عوامی مسائل کو فوری حل کریں۔ انہوں نے مزید کہا کہ پاکستان ایک عظیم ملک ہے اور اس کی ترقی کے لیے سب کو مل کر کام کرنا ہوگا۔
نے کہا کہ حکومت عوام کی فلاح و بہبود کے لیے تمام وسائل بروئے کار لا رہی ہے اور ملک میں معاشی استحکام کے لیے ہر ممکن اقدامات کیے جا رہے ہیں جبکہ اس سلسلے میں متعلقہ اداروں کو ہدایات جاری کر دی گئی ہیں کہ وہ اپنی کارکردگی کو مزید بہتر بنائیں اور عوامی مسائل کو فوری حل کریں۔ انہوں نے مزید کہا کہ پاکستان ایک عظیم ملک ہے اور اس کی ترقی کے لیے سب کو مل کر کام کرنا ہوگا۔
33	ملاقات بقیہ
نے کہا کہ حکومت عوام کی فلاح و بہبود کے لیے تمام وسائل بروئے کار لا رہی ہے اور ملک میں معاشی استحکام کے لیے ہر ممکن اقدامات کیے جا رہے ہیں جبکہ اس سلسلے میں متعلقہ اداروں کو ہدایات جاری کر دی گئی ہیں کہ وہ اپنی کارکردگی کو مزید بہتر بنائیں اور عوامی مسائل کو فوری حل کریں۔ انہوں نے مزید کہا کہ پاکستان ایک عظیم ملک ہے اور اس کی ترقی کے لیے سب کو مل کر کام کرنا ہوگا۔
نے کہا کہ حکومت عوام کی فلاح و بہبود کے لیے تمام وسائل بروئے کار لا رہی ہے اور ملک میں معاشی استحکام کے لیے ہر ممکن اقدامات کیے جا رہے ہیں جبکہ اس سلسلے میں متعلقہ اداروں کو ہدایات جاری کر دی گئی ہیں کہ وہ اپنی کارکردگی کو مزید بہتر بنائیں اور عوامی مسائل کو فوری حل کریں۔ انہوں نے مزید کہا کہ پاکستان ایک عظیم ملک ہے اور اس کی ترقی کے لیے سب کو مل کر کام کرنا ہوگا۔
34	استعفیٰ بقیہ
نے کہا کہ حکومت عوام کی فلاح و بہبود کے لیے تمام وسائل بروئے کار لا رہی ہے اور ملک میں معاشی استحکام کے لیے ہر ممکن اقدامات کیے جا رہے ہیں جبکہ اس سلسلے میں متعلقہ اداروں کو ہدایات جاری کر دی گئی ہیں کہ وہ اپنی کارکردگی کو مزید بہتر بنائیں اور عوامی مسائل کو فوری حل کریں۔ انہوں نے مزید کہا کہ پاکستان ایک عظیم ملک ہے اور اس کی ترقی کے لیے سب کو مل کر کام کرنا ہوگا۔
نے کہا کہ حکومت عوام کی فلاح و بہبود کے لیے تمام وسائل بروئے کار لا رہی ہے اور ملک میں معاشی استحکام کے لیے ہر ممکن اقدامات کیے جا رہے ہیں جبکہ اس سلسلے میں متعلقہ اداروں کو ہدایات جاری کر دی گئی ہیں کہ وہ اپنی کارکردگی کو مزید بہتر بنائیں اور عوامی مسائل کو فوری حل کریں۔ انہوں نے مزید کہا کہ پاکستان ایک عظیم ملک ہے اور اس کی ترقی کے لیے سب کو مل کر کام کرنا ہوگا۔
35	حلف بقیہ
نے کہا کہ حکومت عوام کی فلاح و بہبود کے لیے تمام وسائل بروئے کار لا رہی ہے اور ملک میں معاشی استحکام کے لیے ہر ممکن اقدامات کیے جا رہے ہیں جبکہ اس سلسلے میں متعلقہ اداروں کو ہدایات جاری کر دی گئی ہیں کہ وہ اپنی کارکردگی کو مزید بہتر بنائیں اور عوامی مسائل کو فوری حل کریں۔ انہوں نے مزید کہا کہ پاکستان ایک عظیم ملک ہے اور اس کی ترقی کے لیے سب کو مل کر کام کرنا ہوگا۔
نے کہا کہ حکومت عوام کی فلاح و بہبود کے لیے تمام وسائل بروئے کار لا رہی ہے اور ملک میں معاشی استحکام کے لیے ہر ممکن اقدامات کیے جا رہے ہیں جبکہ اس سلسلے میں متعلقہ اداروں کو ہدایات جاری کر دی گئی ہیں کہ وہ اپنی کارکردگی کو مزید بہتر بنائیں اور عوامی مسائل کو فوری حل کریں۔ انہوں نے مزید کہا کہ پاکستان ایک عظیم ملک ہے اور اس کی ترقی کے لیے سب کو مل کر کام کرنا ہوگا۔
36	تجویز بقیہ
نے کہا کہ حکومت عوام کی فلاح و بہبود کے لیے تمام وسائل بروئے کار لا رہی ہے اور ملک میں معاشی استحکام کے لیے ہر ممکن اقدامات کیے جا رہے ہیں جبکہ اس سلسلے میں متعلقہ اداروں کو ہدایات جاری کر دی گئی ہیں کہ وہ اپنی کارکردگی کو مزید بہتر بنائیں اور عوامی مسائل کو فوری حل کریں۔ انہوں نے مزید کہا کہ پاکستان ایک عظیم ملک ہے اور اس کی ترقی کے لیے سب کو مل کر کام کرنا ہوگا۔
نے کہا کہ حکومت عوام کی فلاح و بہبود کے لیے تمام وسائل بروئے کار لا رہی ہے اور ملک میں معاشی استحکام کے لیے ہر ممکن اقدامات کیے جا رہے ہیں جبکہ اس سلسلے میں متعلقہ اداروں کو ہدایات جاری کر دی گئی ہیں کہ وہ اپنی کارکردگی کو مزید بہتر بنائیں اور عوامی مسائل کو فوری حل کریں۔ انہوں نے مزید کہا کہ پاکستان ایک عظیم ملک ہے اور اس کی ترقی کے لیے سب کو مل کر کام کرنا ہوگا۔
37	آمدنی بقیہ
نے کہا کہ حکومت عوام کی فلاح و بہبود کے لیے تمام وسائل بروئے کار لا رہی ہے اور ملک میں معاشی استحکام کے لیے ہر ممکن اقدامات کیے جا رہے ہیں جبکہ اس سلسلے میں متعلقہ اداروں کو ہدایات جاری کر دی گئی ہیں کہ وہ اپنی کارکردگی کو مزید بہتر بنائیں اور عوامی مسائل کو فوری حل کریں۔ انہوں نے مزید کہا کہ پاکستان ایک عظیم ملک ہے اور اس کی ترقی کے لیے سب کو مل کر کام کرنا ہوگا۔
نے کہا کہ حکومت عوام کی فلاح و بہبود کے لیے تمام وسائل بروئے کار لا رہی ہے اور ملک میں معاشی استحکام کے لیے ہر ممکن اقدامات کیے جا رہے ہیں جبکہ اس سلسلے میں متعلقہ اداروں کو ہدایات جاری کر دی گئی ہیں کہ وہ اپنی کارکردگی کو مزید بہتر بنائیں اور عوامی مسائل کو فوری حل کریں۔ انہوں نے مزید کہا کہ پاکستان ایک عظیم ملک ہے اور اس کی ترقی کے لیے سب کو مل کر کام کرنا ہوگا۔
38	کابینہ بقیہ
نے کہا کہ حکومت عوام کی فلاح و بہبود کے لیے تمام وسائل بروئے کار لا رہی ہے اور ملک میں معاشی استحکام کے لیے ہر ممکن اقدامات کیے جا رہے ہیں جبکہ اس سلسلے میں متعلقہ اداروں کو ہدایات جاری کر دی گئی ہیں کہ وہ اپنی کارکردگی کو مزید بہتر بنائیں اور عوامی مسائل کو فوری حل کریں۔ انہوں نے مزید کہا کہ پاکستان ایک عظیم ملک ہے اور اس کی ترقی کے لیے سب کو مل کر کام کرنا ہوگا۔
نے کہا کہ حکومت عوام کی فلاح و بہبود کے لیے تمام وسائل بروئے کار لا رہی ہے اور ملک میں معاشی استحکام کے لیے ہر ممکن اقدامات کیے جا رہے ہیں جبکہ اس سلسلے میں متعلقہ اداروں کو ہدایات جاری کر دی گئی ہیں کہ وہ اپنی کارکردگی کو مزید بہتر بنائیں اور عوامی مسائل کو فوری حل کریں۔ انہوں نے مزید کہا کہ پاکستان ایک عظیم ملک ہے اور اس کی ترقی کے لیے سب کو مل کر کام کرنا ہوگا۔
39	سپریم بقیہ
نے کہا کہ حکومت عوام کی فلاح و بہبود کے لیے تمام وسائل بروئے کار لا رہی ہے اور ملک میں معاشی استحکام کے لیے ہر ممکن اقدامات کیے جا رہے ہیں جبکہ اس سلسلے میں متعلقہ اداروں کو ہدایات جاری کر دی گئی ہیں کہ وہ اپنی کارکردگی کو مزید بہتر بنائیں اور عوامی مسائل کو فوری حل کریں۔ انہوں نے مزید کہا کہ پاکستان ایک عظیم ملک ہے اور اس کی ترقی کے لیے سب کو مل کر کام کرنا ہوگا۔
نے کہا کہ حکومت عوام کی فلاح و بہبود کے لیے تمام وسائل بروئے کار لا رہی ہے اور ملک میں معاشی استحکام کے لیے ہر ممکن اقدامات کیے جا رہے ہیں جبکہ اس سلسلے میں متعلقہ اداروں کو ہدایات جاری کر دی گئی ہیں کہ وہ اپنی کارکردگی کو مزید بہتر بنائیں اور عوامی مسائل کو فوری حل کریں۔ انہوں نے مزید کہا کہ پاکستان ایک عظیم ملک ہے اور اس کی ترقی کے لیے سب کو مل کر کام کرنا ہوگا۔
40	دفاع بقیہ
نے کہا کہ حکومت عوام کی فلاح و بہبود کے لیے تمام وسائل بروئے کار لا رہی ہے اور ملک میں معاشی استحکام کے لیے ہر ممکن اقدامات کیے جا رہے ہیں جبکہ اس سلسلے میں متعلقہ اداروں کو ہدایات جاری کر دی گئی ہیں کہ وہ اپنی کارکردگی کو مزید بہتر بنائیں اور عوامی مسائل کو فوری حل کریں۔ انہوں نے مزید کہا کہ پاکستان ایک عظیم ملک ہے اور اس کی ترقی کے لیے سب کو مل کر کام کرنا ہوگا۔
نے کہا کہ حکومت عوام کی فلاح و بہبود کے لیے تمام وسائل بروئے کار لا رہی ہے اور ملک میں معاشی استحکام کے لیے ہر ممکن اقدامات کیے جا رہے ہیں جبکہ اس سلسلے میں متعلقہ اداروں کو ہدایات جاری کر دی گئی ہیں کہ وہ اپنی کارکردگی کو مزید بہتر بنائیں اور عوامی مسائل کو فوری حل کریں۔ انہوں نے مزید کہا کہ پاکستان ایک عظیم ملک ہے اور اس کی ترقی کے لیے سب کو مل کر کام کرنا ہوگا۔
41	غیر قانونی بقیہ
نے کہا کہ حکومت عوام کی فلاح و بہبود کے لیے تمام وسائل بروئے کار لا رہی ہے اور ملک میں معاشی استحکام کے لیے ہر ممکن اقدامات کیے جا رہے ہیں جبکہ اس سلسلے میں متعلقہ اداروں کو ہدایات جاری کر دی گئی ہیں کہ وہ اپنی کارکردگی کو مزید بہتر بنائیں اور عوامی مسائل کو فوری حل کریں۔ انہوں نے مزید کہا کہ پاکستان ایک عظیم ملک ہے اور اس کی ترقی کے لیے سب کو مل کر کام کرنا ہوگا۔
نے کہا کہ حکومت عوام کی فلاح و بہبود کے لیے تمام وسائل بروئے کار لا رہی ہے اور ملک میں معاشی استحکام کے لیے ہر ممکن اقدامات کیے جا رہے ہیں جبکہ اس سلسلے میں متعلقہ اداروں کو ہدایات جاری کر دی گئی ہیں کہ وہ اپنی کارکردگی کو مزید بہتر بنائیں اور عوامی مسائل کو فوری حل کریں۔ انہوں نے مزید کہا کہ پاکستان ایک عظیم ملک ہے اور اس کی ترقی کے لیے سب کو مل کر کام کرنا ہوگا۔
42	دورہ بقیہ
نے کہا کہ حکومت عوام کی فلاح و بہبود کے لیے تمام وسائل بروئے کار لا رہی ہے اور ملک میں معاشی استحکام کے لیے ہر ممکن اقدامات کیے جا رہے ہیں جبکہ اس سلسلے میں متعلقہ اداروں کو ہدایات جاری کر دی گئی ہیں کہ وہ اپنی کارکردگی کو مزید بہتر بنائیں اور عوامی مسائل کو فوری حل کریں۔ انہوں نے مزید کہا کہ پاکستان ایک عظیم ملک ہے اور اس کی ترقی کے لیے سب کو مل کر کام کرنا ہوگا۔
نے کہا کہ حکومت عوام کی فلاح و بہبود کے لیے تمام وسائل بروئے کار لا رہی ہے اور ملک میں معاشی استحکام کے لیے ہر ممکن اقدامات کیے جا رہے ہیں جبکہ اس سلسلے میں متعلقہ اداروں کو ہدایات جاری کر دی گئی ہیں کہ وہ اپنی کارکردگی کو مزید بہتر بنائیں اور عوامی مسائل کو فوری حل کریں۔ انہوں نے مزید کہا کہ پاکستان ایک عظیم ملک ہے اور اس کی ترقی کے لیے سب کو مل کر کام کرنا ہوگا۔
43	قرار بقیہ
نے کہا کہ حکومت عوام کی فلاح و بہبود کے لیے تمام وسائل بروئے کار لا رہی ہے اور ملک میں معاشی استحکام کے لیے ہر ممکن اقدامات کیے جا رہے ہیں جبکہ اس سلسلے میں متعلقہ اداروں کو ہدایات جاری کر دی گئی ہیں کہ وہ اپنی کارکردگی کو مزید بہتر بنائیں اور عوامی مسائل کو فوری حل کریں۔ انہوں نے مزید کہا کہ پاکستان ایک عظیم ملک ہے اور اس کی ترقی کے لیے سب کو مل کر کام کرنا ہوگا۔
نے کہا کہ حکومت عوام کی فلاح و بہبود کے لیے تمام وسائل بروئے کار لا رہی ہے اور ملک میں معاشی استحکام کے لیے ہر ممکن اقدامات کیے جا رہے ہیں جبکہ اس سلسلے میں متعلقہ اداروں کو ہدایات جاری کر دی گئی ہیں کہ وہ اپنی کارکردگی کو مزید بہتر بنائیں اور عوامی مسائل کو فوری حل کریں۔ انہوں نے مزید کہا کہ پاکستان ایک عظیم ملک ہے اور اس کی ترقی کے لیے سب کو مل کر کام کرنا ہوگا۔
44	ٹیکس بقیہ
نے کہا کہ حکومت عوام کی فلاح و بہبود کے لیے تمام وسائل بروئے کار لا رہی ہے اور ملک میں معاشی استحکام کے لیے ہر ممکن اقدامات کیے جا رہے ہیں جبکہ اس سلسلے میں متعلقہ اداروں کو ہدایات جاری کر دی گئی ہیں کہ وہ اپنی کارکردگی کو مزید بہتر بنائیں اور عوامی مسائل کو فوری حل کریں۔ انہوں نے مزید کہا کہ پاکستان ایک عظیم ملک ہے اور اس کی ترقی کے لیے سب کو مل کر کام کرنا ہوگا۔
نے کہا کہ حکومت عوام کی فلاح و بہبود کے لیے تمام وسائل بروئے کار لا رہی ہے اور ملک میں معاشی استحکام کے لیے ہر ممکن اقدامات کیے جا رہے ہیں جبکہ اس سلسلے میں متعلقہ اداروں کو ہدایات جاری کر دی گئی ہیں کہ وہ اپنی کارکردگی کو مزید بہتر بنائیں اور عوامی مسائل کو فوری حل کریں۔ انہوں نے مزید کہا کہ پاکستان ایک عظیم ملک ہے اور اس کی ترقی کے لیے سب کو مل کر کام کرنا ہوگا۔
45	ترقیاتی بقیہ
نے کہا کہ حکومت عوام کی فلاح و بہبود کے لیے تمام وسائل بروئے کار لا رہی ہے اور ملک میں معاشی استحکام کے لیے ہر ممکن اقدامات کیے جا رہے ہیں جبکہ اس سلسلے میں متعلقہ اداروں کو ہدایات جاری کر دی گئی ہیں کہ وہ اپنی کارکردگی کو مزید بہتر بنائیں اور عوامی مسائل کو فوری حل کریں۔ انہوں نے مزید کہا کہ پاکستان ایک عظیم ملک ہے اور اس کی ترقی کے لیے سب کو مل کر کام کرنا ہوگا۔
نے کہا کہ حکومت عوام کی فلاح و بہبود کے لیے تمام وسائل بروئے کار لا رہی ہے اور ملک میں معاشی استحکام کے لیے ہر ممکن اقدامات کیے جا رہے ہیں جبکہ اس سلسلے میں متعلقہ اداروں کو ہدایات جاری کر دی گئی ہیں کہ وہ اپنی کارکردگی کو مزید بہتر بنائیں اور عوامی مسائل کو فوری حل کریں۔ انہوں نے مزید کہا کہ پاکستان ایک عظیم ملک ہے اور اس کی ترقی کے لیے سب کو مل کر کام کرنا ہوگا۔
46	بیان بقیہ
نے کہا کہ حکومت عوام کی فلاح و بہبود کے لیے تمام وسائل بروئے کار لا رہی ہے اور ملک میں معاشی استحکام کے لیے ہر ممکن اقدامات کیے جا رہے ہیں جبکہ اس سلسلے میں متعلقہ اداروں کو ہدایات جاری کر دی گئی ہیں کہ وہ اپنی کارکردگی کو مزید بہتر بنائیں اور عوامی مسائل کو فوری حل کریں۔ انہوں نے مزید کہا کہ پاکستان ایک عظیم ملک ہے اور اس کی ترقی کے لیے سب کو مل کر کام کرنا ہوگا۔
نے کہا کہ حکومت عوام کی فلاح و بہبود کے لیے تمام وسائل بروئے کار لا رہی ہے اور ملک میں معاشی استحکام کے لیے ہر ممکن اقدامات کیے جا رہے ہیں جبکہ اس سلسلے میں متعلقہ اداروں کو ہدایات جاری کر دی گئی ہیں کہ وہ اپنی کارکردگی کو مزید بہتر بنائیں اور عوامی مسائل کو فوری حل کریں۔ انہوں نے مزید کہا کہ پاکستان ایک عظیم ملک ہے اور اس کی ترقی کے لیے سب کو مل کر کام کرنا ہوگا۔
47	نواز بقیہ
نے کہا کہ حکومت عوام کی فلاح و بہبود کے لیے تمام وسائل بروئے کار لا رہی ہے اور ملک میں معاشی استحکام کے لیے ہر ممکن اقدامات کیے جا رہے ہیں جبکہ اس سلسلے میں متعلقہ اداروں کو ہدایات جاری کر دی گئی ہیں کہ وہ اپنی کارکردگی کو مزید بہتر بنائیں اور عوامی مسائل کو فوری حل کریں۔ انہوں نے مزید کہا کہ پاکستان ایک عظیم ملک ہے اور اس کی ترقی کے لیے سب کو مل کر کام کرنا ہوگا۔
نے کہا کہ حکومت عوام کی فلاح و بہبود کے لیے تمام وسائل بروئے کار لا رہی ہے اور ملک میں معاشی استحکام کے لیے ہر ممکن اقدامات کیے جا رہے ہیں جبکہ اس سلسلے میں متعلقہ اداروں کو ہدایات جاری کر دی گئی ہیں کہ وہ اپنی کارکردگی کو مزید بہتر بنائیں اور عوامی مسائل کو فوری حل کریں۔ انہوں نے مزید کہا کہ پاکستان ایک عظیم ملک ہے اور اس کی ترقی کے لیے سب کو مل کر کام کرنا ہوگا۔
48	ملاقات بقیہ
نے کہا کہ حکومت عوام کی فلاح و بہبود کے لیے تمام وسائل بروئے کار لا رہی ہے اور ملک میں معاشی استحکام کے لیے ہر ممکن اقدامات کیے جا رہے ہیں جبکہ اس سلسلے میں متعلقہ اداروں کو ہدایات جاری کر دی گئی ہیں کہ وہ اپنی کارکردگی کو مزید بہتر بنائیں اور عوامی مسائل کو فوری حل کریں۔ انہوں نے مزید کہا کہ پاکستان ایک عظیم ملک ہے اور اس کی ترقی کے لیے سب کو مل کر کام کرنا ہوگا۔
نے کہا کہ حکومت عوام کی فلاح و بہبود کے لیے تمام وسائل بروئے کار لا رہی ہے اور ملک میں معاشی استحکام کے لیے ہر ممکن اقدامات کیے جا رہے ہیں جبکہ اس سلسلے میں متعلقہ اداروں کو ہدایات جاری کر دی گئی ہیں کہ وہ اپنی کارکردگی کو مزید بہتر بنائیں اور عوامی مسائل کو فوری حل کریں۔ انہوں نے مزید کہا کہ پاکستان ایک عظیم ملک ہے اور اس کی ترقی کے لیے سب کو مل کر کام کرنا ہوگا۔
49	علامہ بقیہ
نے کہا کہ حکومت عوام کی فلاح و بہبود کے لیے تمام وسائل بروئے کار لا رہی ہے اور ملک میں معاشی استحکام کے لیے ہر ممکن اقدامات کیے جا رہے ہیں جبکہ اس سلسلے میں متعلقہ اداروں کو ہدایات جاری کر دی گئی ہیں کہ وہ اپنی کارکردگی کو مزید بہتر بنائیں اور عوامی مسائل کو فوری حل کریں۔ انہوں نے مزید کہا کہ پاکستان ایک عظیم ملک ہے اور اس کی ترقی کے لیے سب کو مل کر کام کرنا ہوگا۔
نے کہا کہ حکومت عوام کی فلاح و بہبود کے لیے تمام وسائل بروئے کار لا رہی ہے اور ملک میں معاشی استحکام کے لیے ہر ممکن اقدامات کیے جا رہے ہیں جبکہ اس سلسلے میں متعلقہ اداروں کو ہدایات جاری کر دی گئی ہیں کہ وہ اپنی کارکردگی کو مزید بہتر بنائیں اور عوامی مسائل کو فوری حل کریں۔ انہوں نے مزید کہا کہ پاکستان ایک عظیم ملک ہے اور اس کی ترقی کے لیے سب کو مل کر کام کرنا ہوگا۔
50	انتخابات بقیہ
نے کہا کہ حکومت عوام کی فلاح و بہبود کے لیے تمام وسائل بروئے کار لا رہی ہے اور ملک میں معاشی استحکام کے لیے ہر ممکن اقدامات کیے جا رہے ہیں جبکہ اس سلسلے میں متعلقہ اداروں کو ہدایات جاری کر دی گئی ہیں کہ وہ اپنی کارکردگی کو مزید بہتر بنائیں اور عوامی مسائل کو فوری حل کریں۔ انہوں نے مزید کہا کہ پاکستان ایک عظیم ملک ہے اور اس کی ترقی کے لیے سب کو مل کر کام کرنا ہوگا۔
نے کہا کہ حکومت عوام کی فلاح و بہبود کے لیے تمام وسائل بروئے کار لا رہی ہے اور ملک میں معاشی استحکام کے لیے ہر ممکن اقدامات کیے جا رہے ہیں جبکہ اس سلسلے میں متعلقہ اداروں کو ہدایات جاری کر دی گئی ہیں کہ وہ اپنی کارکردگی کو مزید بہتر بنائیں اور عوامی مسائل کو فوری حل کریں۔ انہوں نے مزید کہا کہ پاکستان ایک عظیم ملک ہے اور اس کی ترقی کے لیے سب کو مل کر کام کرنا ہوگا۔
51	سوشل بقیہ
نے کہا کہ حکومت عوام کی فلاح و بہبود کے لیے تمام وسائل بروئے کار لا رہی ہے اور ملک میں معاشی استحکام کے لیے ہر ممکن اقدامات کیے جا رہے ہیں جبکہ اس سلسلے میں متعلقہ اداروں کو ہدایات جاری کر دی گئی ہیں کہ وہ اپنی کارکردگی کو مزید بہتر بنائیں اور عوامی مسائل کو فوری حل کریں۔ انہوں نے مزید کہا کہ پاکستان ایک عظیم ملک ہے اور اس کی ترقی کے لیے سب کو مل کر کام کرنا ہوگا۔
نے کہا کہ حکومت عوام کی فلاح و بہبود کے لیے تمام وسائل بروئے کار لا رہی ہے اور ملک میں معاشی استحکام کے لیے ہر ممکن اقدامات کیے جا رہے ہیں جبکہ اس سلسلے میں متعلقہ اداروں کو ہدایات جاری کر دی گئی ہیں کہ وہ اپنی کارکردگی کو مزید بہتر بنائیں اور عوامی مسائل کو فوری حل کریں۔ انہوں نے مزید کہا کہ پاکستان ایک عظیم ملک ہے اور اس کی ترقی کے لیے سب کو مل کر کام کرنا ہوگا۔
52	گرفتاریاں بقیہ
نے کہا کہ حکومت عوام کی فلاح و بہبود کے لیے تمام وسائل بروئے کار لا رہی ہے اور ملک میں معاشی استحکام کے لیے ہر ممکن اقدامات کیے جا رہے ہیں جبکہ اس سلسلے میں متعلقہ اداروں کو ہدایات جاری کر دی گئی ہیں کہ وہ اپنی کارکردگی کو مزید بہتر بنائیں اور عوامی مسائل کو فوری حل کریں۔ انہوں نے مزید کہا کہ پاکستان ایک عظیم ملک ہے اور اس کی ترقی کے لیے سب کو مل کر کام کرنا ہوگا۔
نے کہا کہ حکومت عوام کی فلاح و بہبود کے لیے تمام وسائل بروئے کار لا رہی ہے اور ملک میں معاشی استحکام کے لیے ہر ممکن اقدامات کیے جا رہے ہیں جبکہ اس سلسلے میں متعلقہ اداروں کو ہدایات جاری کر دی گئی ہیں کہ وہ اپنی کارکردگی کو مزید بہتر بنائیں اور عوامی مسائل کو فوری حل کریں۔ انہوں نے مزید کہا کہ پاکستان ایک عظیم ملک ہے اور اس کی ترقی کے لیے سب کو مل کر کام کرنا ہوگا۔
53	ہائی کورٹ بقیہ
نے کہا کہ حکومت عوام کی فلاح و بہبود کے لیے تمام وسائل بروئے کار لا رہی ہے اور ملک میں معاشی استحکام کے لیے ہر ممکن اقدامات کیے جا رہے ہیں جبکہ اس سلسلے میں متعلقہ اداروں کو ہدایات جاری کر دی گئی ہیں کہ وہ اپنی کارکردگی کو مزید بہتر بنائیں اور عوامی مسائل کو فوری حل کریں۔ انہوں نے مزید کہا کہ پاکستان ایک عظیم ملک ہے اور اس کی ترقی کے لیے سب کو مل کر کام کرنا ہوگا۔
نے کہا کہ حکومت عوام کی فلاح و بہبود کے لیے تمام وسائل بروئے کار لا رہی ہے اور ملک میں معاشی استحکام کے لیے ہر ممکن اقدامات کیے جا رہے ہیں جبکہ اس سلسلے میں متعلقہ اداروں کو ہدایات جاری کر دی گئی ہیں کہ وہ اپنی کارکردگی کو مزید بہتر بنائیں اور عوامی مسائل کو فوری حل کریں۔ انہوں نے مزید کہا کہ پاکستان ایک عظیم ملک ہے اور اس کی ترقی کے لیے سب کو مل کر کام کرنا ہوگا۔
54	نوٹس بقیہ
نے کہا کہ حکومت عوام کی فلاح و بہبود کے لیے تمام وسائل بروئے کار لا رہی ہے اور ملک میں معاشی استحکام کے لیے ہر ممکن اقدامات کیے جا رہے ہیں جبکہ اس سلسلے میں متعلقہ اداروں کو ہدایات جاری کر دی گئی ہیں کہ وہ اپنی کارکردگی کو مزید بہتر بنائیں اور عوامی مسائل کو فوری حل کریں۔ انہوں نے مزید کہا کہ پاکستان ایک عظیم ملک ہے اور اس کی ترقی کے لیے سب کو مل کر کام کرنا ہوگا۔
نے کہا کہ حکومت عوام کی فلاح و بہبود کے لیے تمام وسائل بروئے کار لا رہی ہے اور ملک میں معاشی استحکام کے لیے ہر ممکن اقدامات کیے جا رہے ہیں جبکہ اس سلسلے میں متعلقہ اداروں کو ہدایات جاری کر دی گئی ہیں کہ وہ اپنی کارکردگی کو مزید بہتر بنائیں اور عوامی مسائل کو فوری حل کریں۔ انہوں نے مزید کہا کہ پاکستان ایک عظیم ملک ہے اور اس کی ترقی کے لیے سب کو مل کر کام کرنا ہوگا۔
55	گرفتار بقیہ
نے کہا کہ حکومت عوام کی فلاح و بہبود کے لیے تمام وسائل بروئے کار لا رہی ہے اور ملک میں معاشی استحکام کے لیے ہر ممکن اقدامات کیے جا رہے ہیں جبکہ اس سلسلے میں متعلقہ اداروں کو ہدایات جاری کر دی گئی ہیں کہ وہ اپنی کارکردگی کو مزید بہتر بنائیں اور عوامی مسائل کو فوری حل کریں۔ انہوں نے مزید کہا کہ پاکستان ایک عظیم ملک ہے اور اس کی ترقی کے لیے سب کو مل کر کام کرنا ہوگا۔
نے کہا کہ حکومت عوام کی فلاح و بہبود کے لیے تمام وسائل بروئے کار لا رہی ہے اور ملک میں معاشی استحکام کے لیے ہر ممکن اقدامات کیے جا رہے ہیں جبکہ اس سلسلے میں متعلقہ اداروں کو ہدایات جاری کر دی گئی ہیں کہ وہ اپنی کارکردگی کو مزید بہتر بنائیں اور عوامی مسائل کو فوری حل کریں۔ انہوں نے مزید کہا کہ پاکستان ایک عظیم ملک ہے اور اس کی ترقی کے لیے سب کو مل کر کام کرنا ہوگا۔
